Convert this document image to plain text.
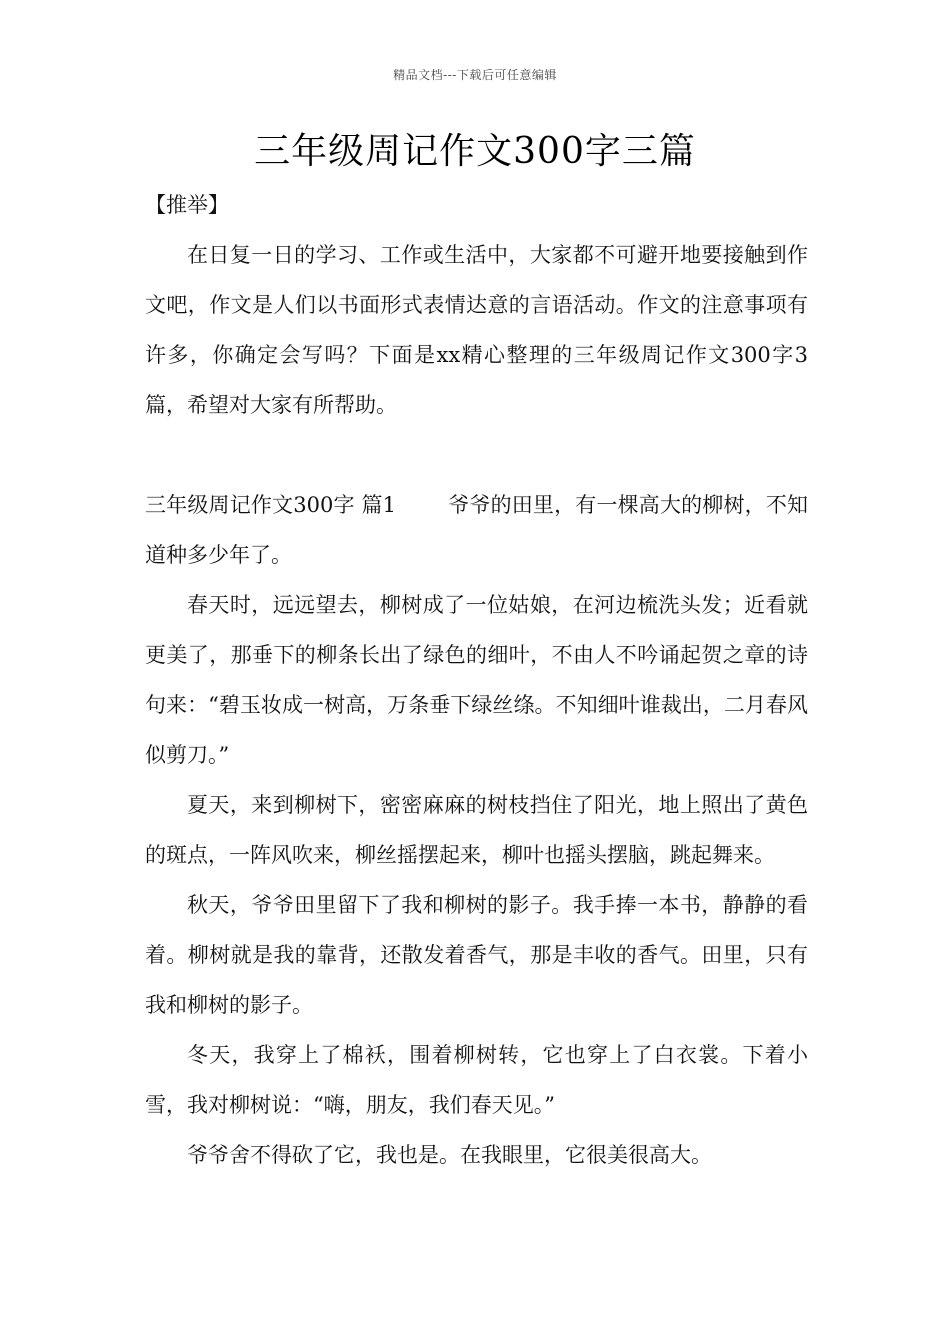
精品文档---下载后可任意编辑
三年级周记作文300字三篇

【推举】

在日复一日的学习、工作或生活中，大家都不可避开地要接触到作文吧，作文是人们以书面形式表情达意的言语活动。作文的注意事项有许多，你确定会写吗？下面是xx精心整理的三年级周记作文300字3篇，希望对大家有所帮助。

三年级周记作文300字 篇1 爷爷的田里，有一棵高大的柳树，不知道种多少年了。

春天时，远远望去，柳树成了一位姑娘，在河边梳洗头发；近看就更美了，那垂下的柳条长出了绿色的细叶，不由人不吟诵起贺之章的诗句来：“碧玉妆成一树高，万条垂下绿丝绦。不知细叶谁裁出，二月春风似剪刀。”

夏天，来到柳树下，密密麻麻的树枝挡住了阳光，地上照出了黄色的斑点，一阵风吹来，柳丝摇摆起来，柳叶也摇头摆脑，跳起舞来。

秋天，爷爷田里留下了我和柳树的影子。我手捧一本书，静静的看着。柳树就是我的靠背，还散发着香气，那是丰收的香气。田里，只有我和柳树的影子。

冬天，我穿上了棉袄，围着柳树转，它也穿上了白衣裳。下着小雪，我对柳树说：“嗨，朋友，我们春天见。”

爷爷舍不得砍了它，我也是。在我眼里，它很美很高大。
